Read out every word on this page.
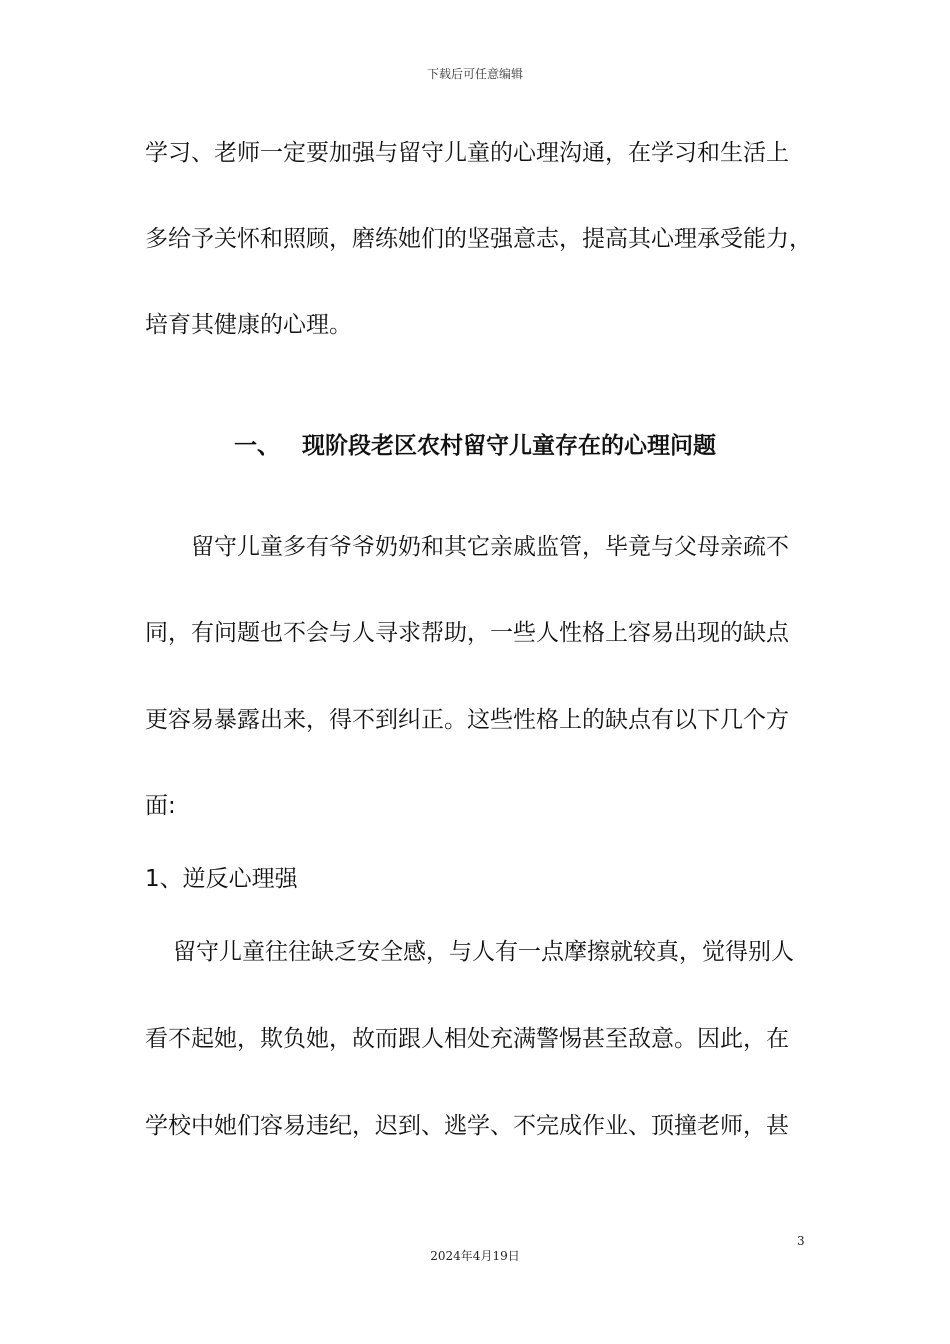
下载后可任意编辑
学习、老师一定要加强与留守儿童的心理沟通，在学习和生活上
多给予关怀和照顾，磨练她们的坚强意志，提高其心理承受能力，
培育其健康的心理。
一、 现阶段老区农村留守儿童存在的心理问题
留守儿童多有爷爷奶奶和其它亲戚监管，毕竟与父母亲疏不
同，有问题也不会与人寻求帮助，一些人性格上容易出现的缺点
更容易暴露出来，得不到纠正。这些性格上的缺点有以下几个方
面:
1、逆反心理强
留守儿童往往缺乏安全感，与人有一点摩擦就较真，觉得别人
看不起她，欺负她，故而跟人相处充满警惕甚至敌意。因此，在
学校中她们容易违纪，迟到、逃学、不完成作业、顶撞老师，甚
3
2024年4月19日
